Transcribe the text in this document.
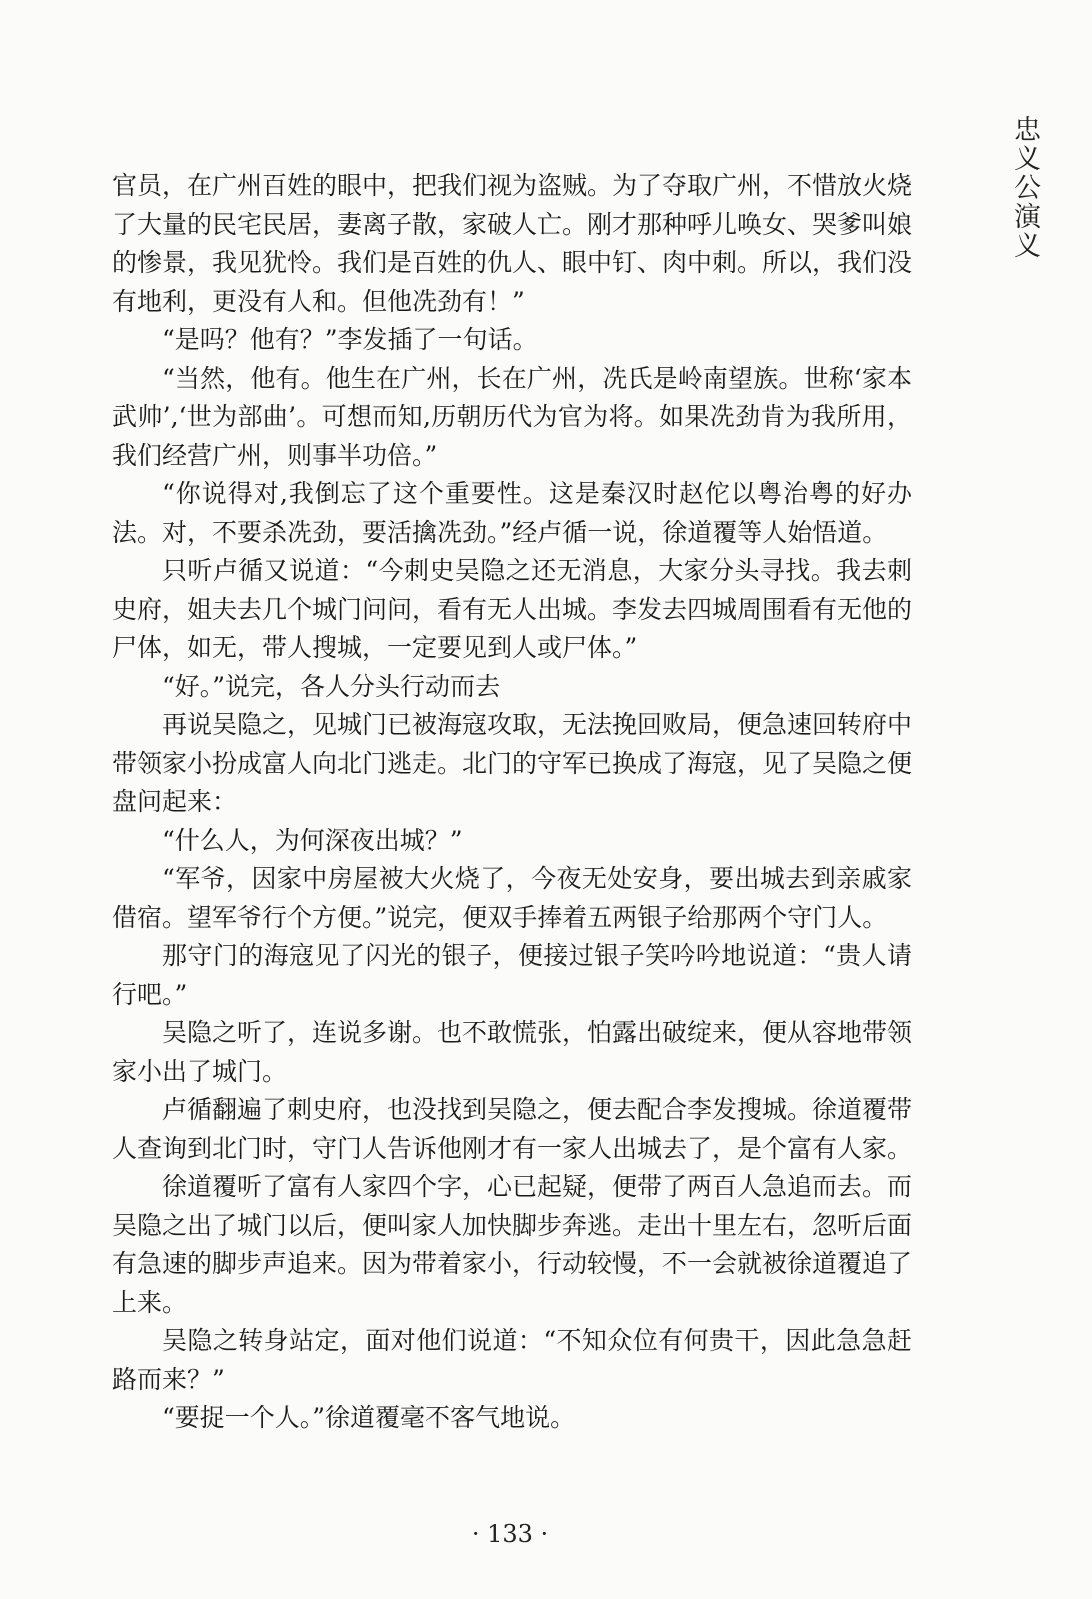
忠义公演义

官员，在广州百姓的眼中，把我们视为盗贼。为了夺取广州，不惜放火烧了大量的民宅民居，妻离子散，家破人亡。刚才那种呼儿唤女、哭爹叫娘的惨景，我见犹怜。我们是百姓的仇人、眼中钉、肉中刺。所以，我们没有地利，更没有人和。但他冼劲有！”

“是吗？他有？”李发插了一句话。

“当然，他有。他生在广州，长在广州，冼氏是岭南望族。世称‘家本武帅’,‘世为部曲’。可想而知,历朝历代为官为将。如果冼劲肯为我所用，我们经营广州，则事半功倍。”

“你说得对,我倒忘了这个重要性。这是秦汉时赵佗以粤治粤的好办法。对，不要杀冼劲，要活擒冼劲。”经卢循一说，徐道覆等人始悟道。

只听卢循又说道：“今刺史吴隐之还无消息，大家分头寻找。我去刺史府，姐夫去几个城门问问，看有无人出城。李发去四城周围看有无他的尸体，如无，带人搜城，一定要见到人或尸体。”

“好。”说完，各人分头行动而去

再说吴隐之，见城门已被海寇攻取，无法挽回败局，便急速回转府中带领家小扮成富人向北门逃走。北门的守军已换成了海寇，见了吴隐之便盘问起来：

“什么人，为何深夜出城？”

“军爷，因家中房屋被大火烧了，今夜无处安身，要出城去到亲戚家借宿。望军爷行个方便。”说完，便双手捧着五两银子给那两个守门人。

那守门的海寇见了闪光的银子，便接过银子笑吟吟地说道：“贵人请行吧。”

吴隐之听了，连说多谢。也不敢慌张，怕露出破绽来，便从容地带领家小出了城门。

卢循翻遍了刺史府，也没找到吴隐之，便去配合李发搜城。徐道覆带人查询到北门时，守门人告诉他刚才有一家人出城去了，是个富有人家。

徐道覆听了富有人家四个字，心已起疑，便带了两百人急追而去。而吴隐之出了城门以后，便叫家人加快脚步奔逃。走出十里左右，忽听后面有急速的脚步声追来。因为带着家小，行动较慢，不一会就被徐道覆追了上来。

吴隐之转身站定，面对他们说道：“不知众位有何贵干，因此急急赶路而来？”

“要捉一个人。”徐道覆毫不客气地说。

· 133 ·
